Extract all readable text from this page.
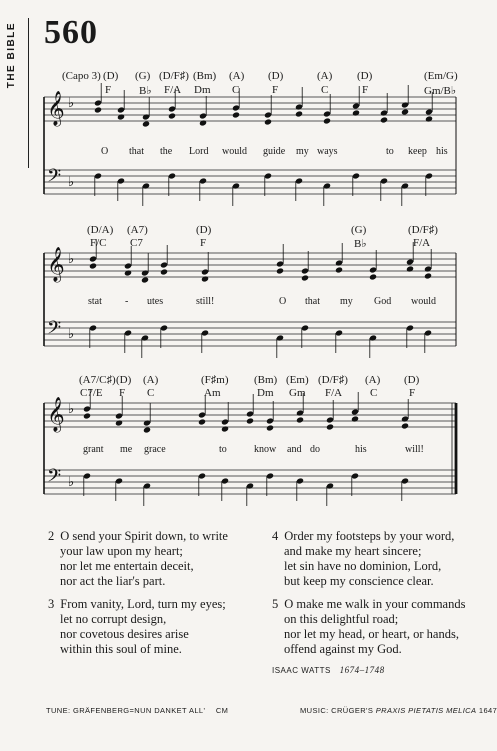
560
THE BIBLE
𝄞 ♭
𝄢 ♭
𝄞 ♭
𝄢 ♭
𝄞 ♭
𝄢 ♭
(Capo 3) (D) (G) (D/F♯) (Bm) (A) (D)	(A) (D)	(Em/G)
F	B♭ F/A Dm C	F	C	F	Gm/B♭
O that the Lord would guide my ways	to keep his
(D/A) (A7)	(D)	(G)	(D/F♯)
F/C C7	F	B♭	F/A
stat - utes	still!	O that my God would
(A7/C♯) (D) (A)	(F♯m) (Bm) (Em) (D/F♯) (A) (D)
C7/E F C	Am	Dm Gm F/A	C	F
grant me grace	to	know and do	his	will!
2 O send your Spirit down, to write
your law upon my heart;
nor let me entertain deceit,
nor act the liar's part.
3 From vanity, Lord, turn my eyes;
let no corrupt design,
nor covetous desires arise
within this soul of mine.
4 Order my footsteps by your word,
and make my heart sincere;
let sin have no dominion, Lord,
but keep my conscience clear.
5 O make me walk in your commands
on this delightful road;
nor let my head, or heart, or hands,
offend against my God.
ISAAC WATTS 1674–1748
TUNE: GRÄFENBERG=NUN DANKET ALL' CM	MUSIC: CRÜGER'S PRAXIS PIETATIS MELICA 1647
